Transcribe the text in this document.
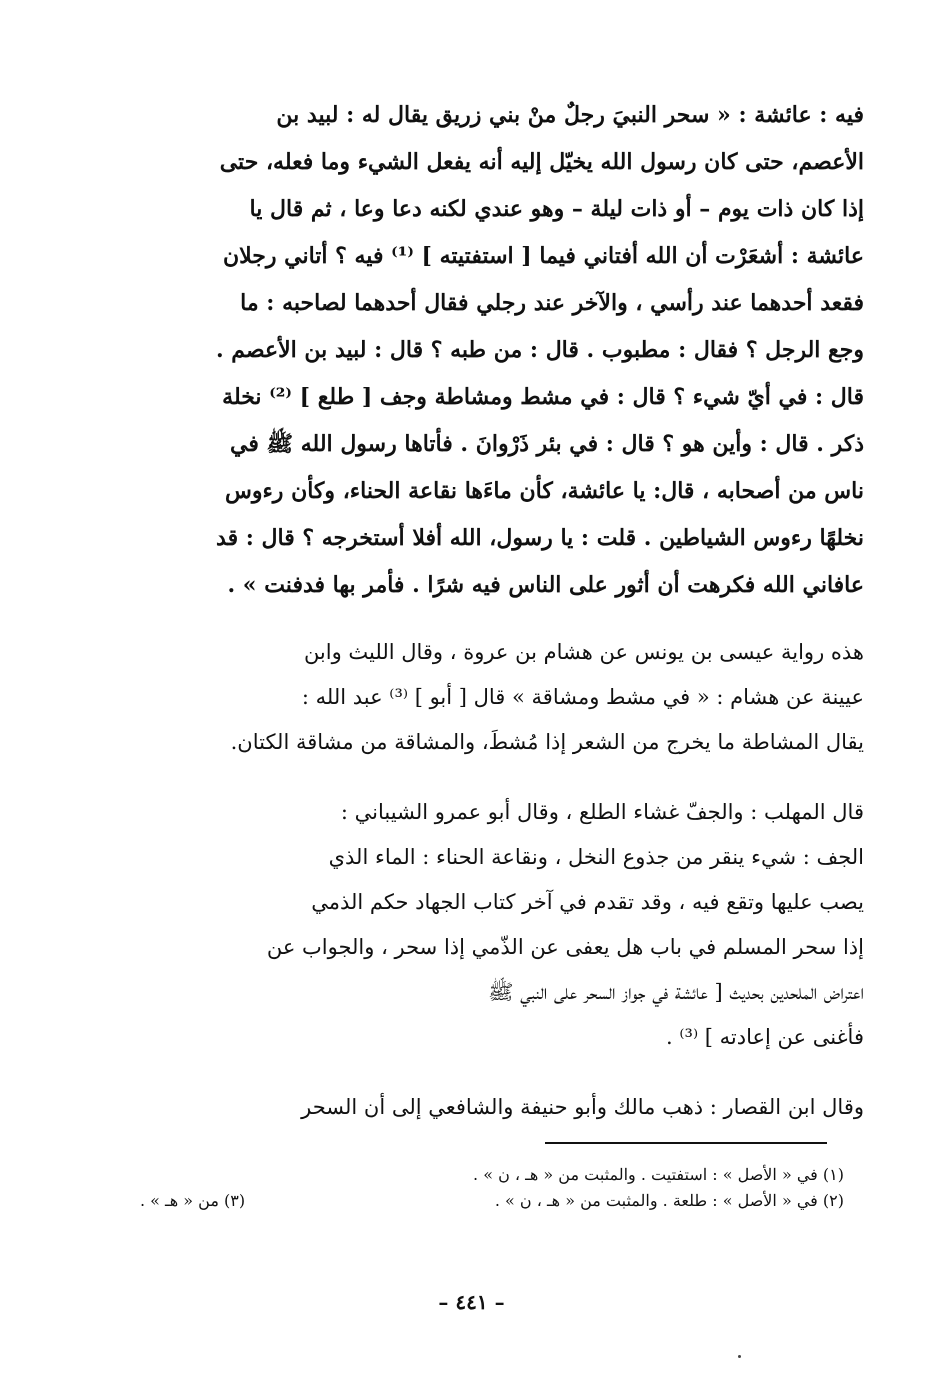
فيه : عائشة : « سحر النبيَ رجلٌ منْ بني زريق يقال له : لبيد بن
الأعصم، حتى كان رسول الله يخيّل إليه أنه يفعل الشيء وما فعله، حتى
إذا كان ذات يوم – أو ذات ليلة – وهو عندي لكنه دعا وعا ، ثم قال يا
عائشة : أشعَرْت أن الله أفتاني فيما [ استفتيته ] ⁽¹⁾ فيه ؟ أتاني رجلان
فقعد أحدهما عند رأسي ، والآخر عند رجلي فقال أحدهما لصاحبه : ما
وجع الرجل ؟ فقال : مطبوب . قال : من طبه ؟ قال : لبيد بن الأعصم .
قال : في أيّ شيء ؟ قال : في مشط ومشاطة وجف [ طلع ] ⁽²⁾ نخلة
ذكر . قال : وأين هو ؟ قال : في بئر ذَرْوانَ . فأتاها رسول الله ﷺ في
ناس من أصحابه ، قال: يا عائشة، كأن ماءَها نقاعة الحناء، وكأن رءوس
نخلهًا رءوس الشياطين . قلت : يا رسول، الله أفلا أستخرجه ؟ قال : قد
عافاني الله فكرهت أن أثور على الناس فيه شرًا . فأمر بها فدفنت » .
هذه رواية عيسى بن يونس عن هشام بن عروة ، وقال الليث وابن
عيينة عن هشام : « في مشط ومشاقة » قال [ أبو ] ⁽³⁾ عبد الله :
يقال المشاطة ما يخرج من الشعر إذا مُشطَ، والمشاقة من مشاقة الكتان.
قال المهلب : والجفّ غشاء الطلع ، وقال أبو عمرو الشيباني :
الجف : شيء ينقر من جذوع النخل ، ونقاعة الحناء : الماء الذي
يصب عليها وتقع فيه ، وقد تقدم في آخر كتاب الجهاد حكم الذمي
إذا سحر المسلم في باب هل يعفى عن الذّمي إذا سحر ، والجواب عن
اعتراض الملحدين بحديث [ عائشة في جواز السحر على النبي ﷺ
فأغنى عن إعادته ] ⁽³⁾ .
وقال ابن القصار : ذهب مالك وأبو حنيفة والشافعي إلى أن السحر
(١) في « الأصل » : استفتيت . والمثبت من « هـ ، ن » .
(٢) في « الأصل » : طلعة . والمثبت من « هـ ، ن » .
(٣) من « هـ » .
– ٤٤١ –
